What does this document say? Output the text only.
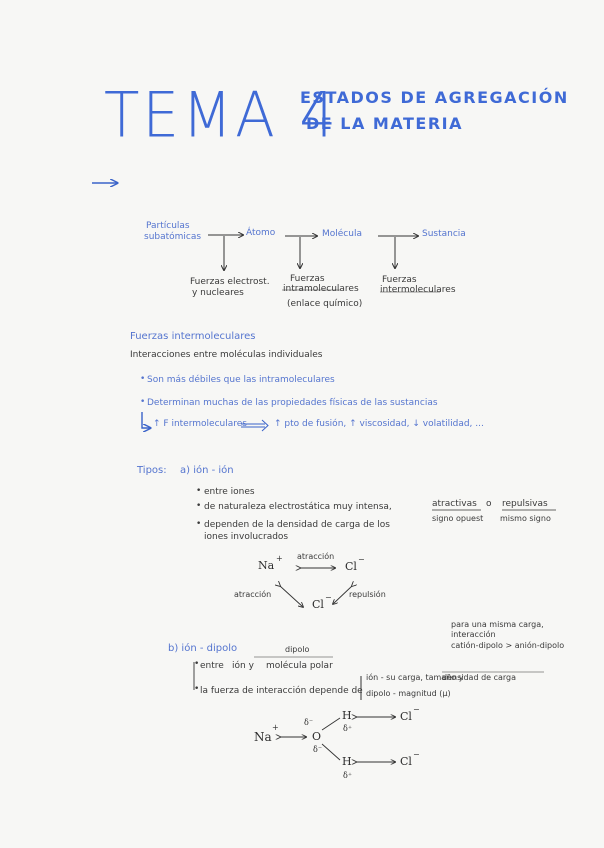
TEMA 4
ESTADOS DE AGREGACIÓN
DE LA MATERIA
Partículas
subatómicas	Átomo	Molécula	Sustancia
Fuerzas electrost.
y nucleares
Fuerzas
intramoleculares
(enlace químico)
Fuerzas
intermoleculares
Fuerzas intermoleculares
Interacciones entre moléculas individuales
• Son más débiles que las intramoleculares
• Determinan muchas de las propiedades físicas de las sustancias
↑ F intermoleculares	↑ pto de fusión, ↑ viscosidad, ↓ volatilidad, ...
Tipos: a) ión - ión
• entre iones
• de naturaleza electrostática muy intensa,	atractivas o repulsivas
signo opuest mismo signo
• dependen de la densidad de carga de los
iones involucrados
Na
+
Cl
−
Cl
−
atracción
atracción	repulsión
para una misma carga,
interacción
catión-dipolo > anión-dipolo
b) ión - dipolo	dipolo
• entre ión y molécula polar
• la fuerza de interacción depende de
ión - su carga, tamaño y
densidad de carga
dipolo - magnitud (μ)
Na
+
O
δ⁻
δ⁻
H
δ⁺
H
δ⁺
Cl
−
Cl
−
